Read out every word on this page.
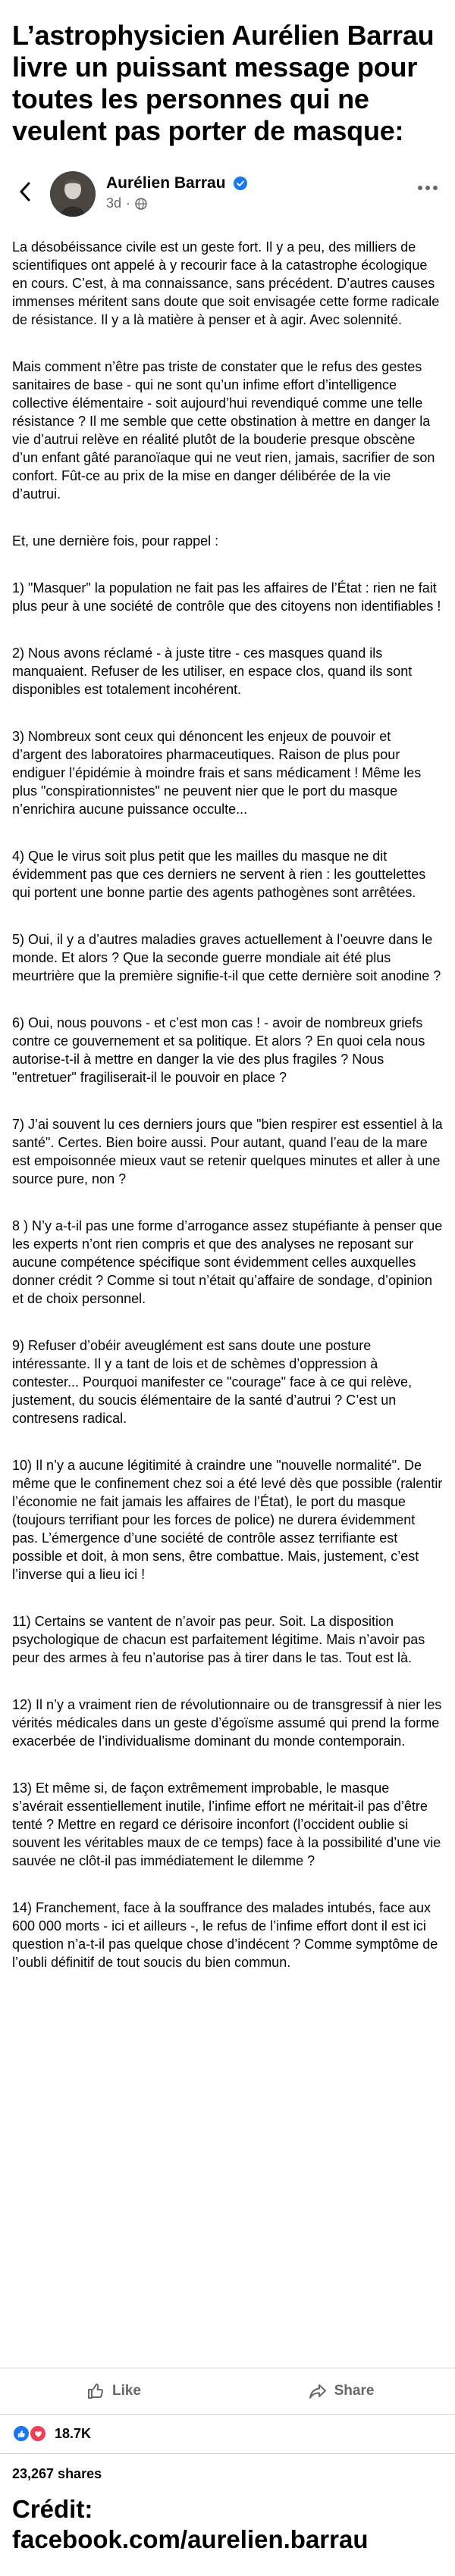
L’astrophysicien Aurélien Barrau livre un puissant message pour toutes les personnes qui ne veulent pas porter de masque:
Aurélien Barrau
3d ·

La désobéissance civile est un geste fort. Il y a peu, des milliers de scientifiques ont appelé à y recourir face à la catastrophe écologique en cours. C’est, à ma connaissance, sans précédent. D’autres causes immenses méritent sans doute que soit envisagée cette forme radicale de résistance. Il y a là matière à penser et à agir. Avec solennité.

Mais comment n’être pas triste de constater que le refus des gestes sanitaires de base - qui ne sont qu’un infime effort d’intelligence collective élémentaire - soit aujourd’hui revendiqué comme une telle résistance ? Il me semble que cette obstination à mettre en danger la vie d’autrui relève en réalité plutôt de la bouderie presque obscène d’un enfant gâté paranoïaque qui ne veut rien, jamais, sacrifier de son confort. Fût-ce au prix de la mise en danger délibérée de la vie d’autrui.

Et, une dernière fois, pour rappel :

1) "Masquer" la population ne fait pas les affaires de l’État : rien ne fait plus peur à une société de contrôle que des citoyens non identifiables !

2) Nous avons réclamé - à juste titre - ces masques quand ils manquaient. Refuser de les utiliser, en espace clos, quand ils sont disponibles est totalement incohérent.

3) Nombreux sont ceux qui dénoncent les enjeux de pouvoir et d’argent des laboratoires pharmaceutiques. Raison de plus pour endiguer l’épidémie à moindre frais et sans médicament ! Même les plus "conspirationnistes" ne peuvent nier que le port du masque n’enrichira aucune puissance occulte...

4) Que le virus soit plus petit que les mailles du masque ne dit évidemment pas que ces derniers ne servent à rien : les gouttelettes qui portent une bonne partie des agents pathogènes sont arrêtées.

5) Oui, il y a d’autres maladies graves actuellement à l’oeuvre dans le monde. Et alors ? Que la seconde guerre mondiale ait été plus meurtrière que la première signifie-t-il que cette dernière soit anodine ?

6) Oui, nous pouvons - et c’est mon cas ! - avoir de nombreux griefs contre ce gouvernement et sa politique. Et alors ? En quoi cela nous autorise-t-il à mettre en danger la vie des plus fragiles ? Nous "entretuer" fragiliserait-il le pouvoir en place ?

7) J’ai souvent lu ces derniers jours que "bien respirer est essentiel à la santé". Certes. Bien boire aussi. Pour autant, quand l’eau de la mare est empoisonnée mieux vaut se retenir quelques minutes et aller à une source pure, non ?

8 ) N’y a-t-il pas une forme d’arrogance assez stupéfiante à penser que les experts n’ont rien compris et que des analyses ne reposant sur aucune compétence spécifique sont évidemment celles auxquelles donner crédit ? Comme si tout n’était qu’affaire de sondage, d’opinion et de choix personnel.

9) Refuser d’obéir aveuglément est sans doute une posture intéressante. Il y a tant de lois et de schèmes d’oppression à contester... Pourquoi manifester ce "courage" face à ce qui relève, justement, du soucis élémentaire de la santé d’autrui ? C’est un contresens radical.

10) Il n’y a aucune légitimité à craindre une "nouvelle normalité". De même que le confinement chez soi a été levé dès que possible (ralentir l’économie ne fait jamais les affaires de l’État), le port du masque (toujours terrifiant pour les forces de police) ne durera évidemment pas. L’émergence d’une société de contrôle assez terrifiante est possible et doit, à mon sens, être combattue. Mais, justement, c’est l’inverse qui a lieu ici !

11) Certains se vantent de n’avoir pas peur. Soit. La disposition psychologique de chacun est parfaitement légitime. Mais n’avoir pas peur des armes à feu n’autorise pas à tirer dans le tas. Tout est là.

12) Il n’y a vraiment rien de révolutionnaire ou de transgressif à nier les vérités médicales dans un geste d’égoïsme assumé qui prend la forme exacerbée de l’individualisme dominant du monde contemporain.

13) Et même si, de façon extrêmement improbable, le masque s’avérait essentiellement inutile, l’infime effort ne méritait-il pas d’être tenté ? Mettre en regard ce dérisoire inconfort (l’occident oublie si souvent les véritables maux de ce temps) face à la possibilité d’une vie sauvée ne clôt-il pas immédiatement le dilemme ?

14) Franchement, face à la souffrance des malades intubés, face aux 600 000 morts - ici et ailleurs -, le refus de l’infime effort dont il est ici question n’a-t-il pas quelque chose d’indécent ? Comme symptôme de l’oubli définitif de tout soucis du bien commun.

Like	Share
18.7K
23,267 shares
Crédit:
facebook.com/aurelien.barrau
